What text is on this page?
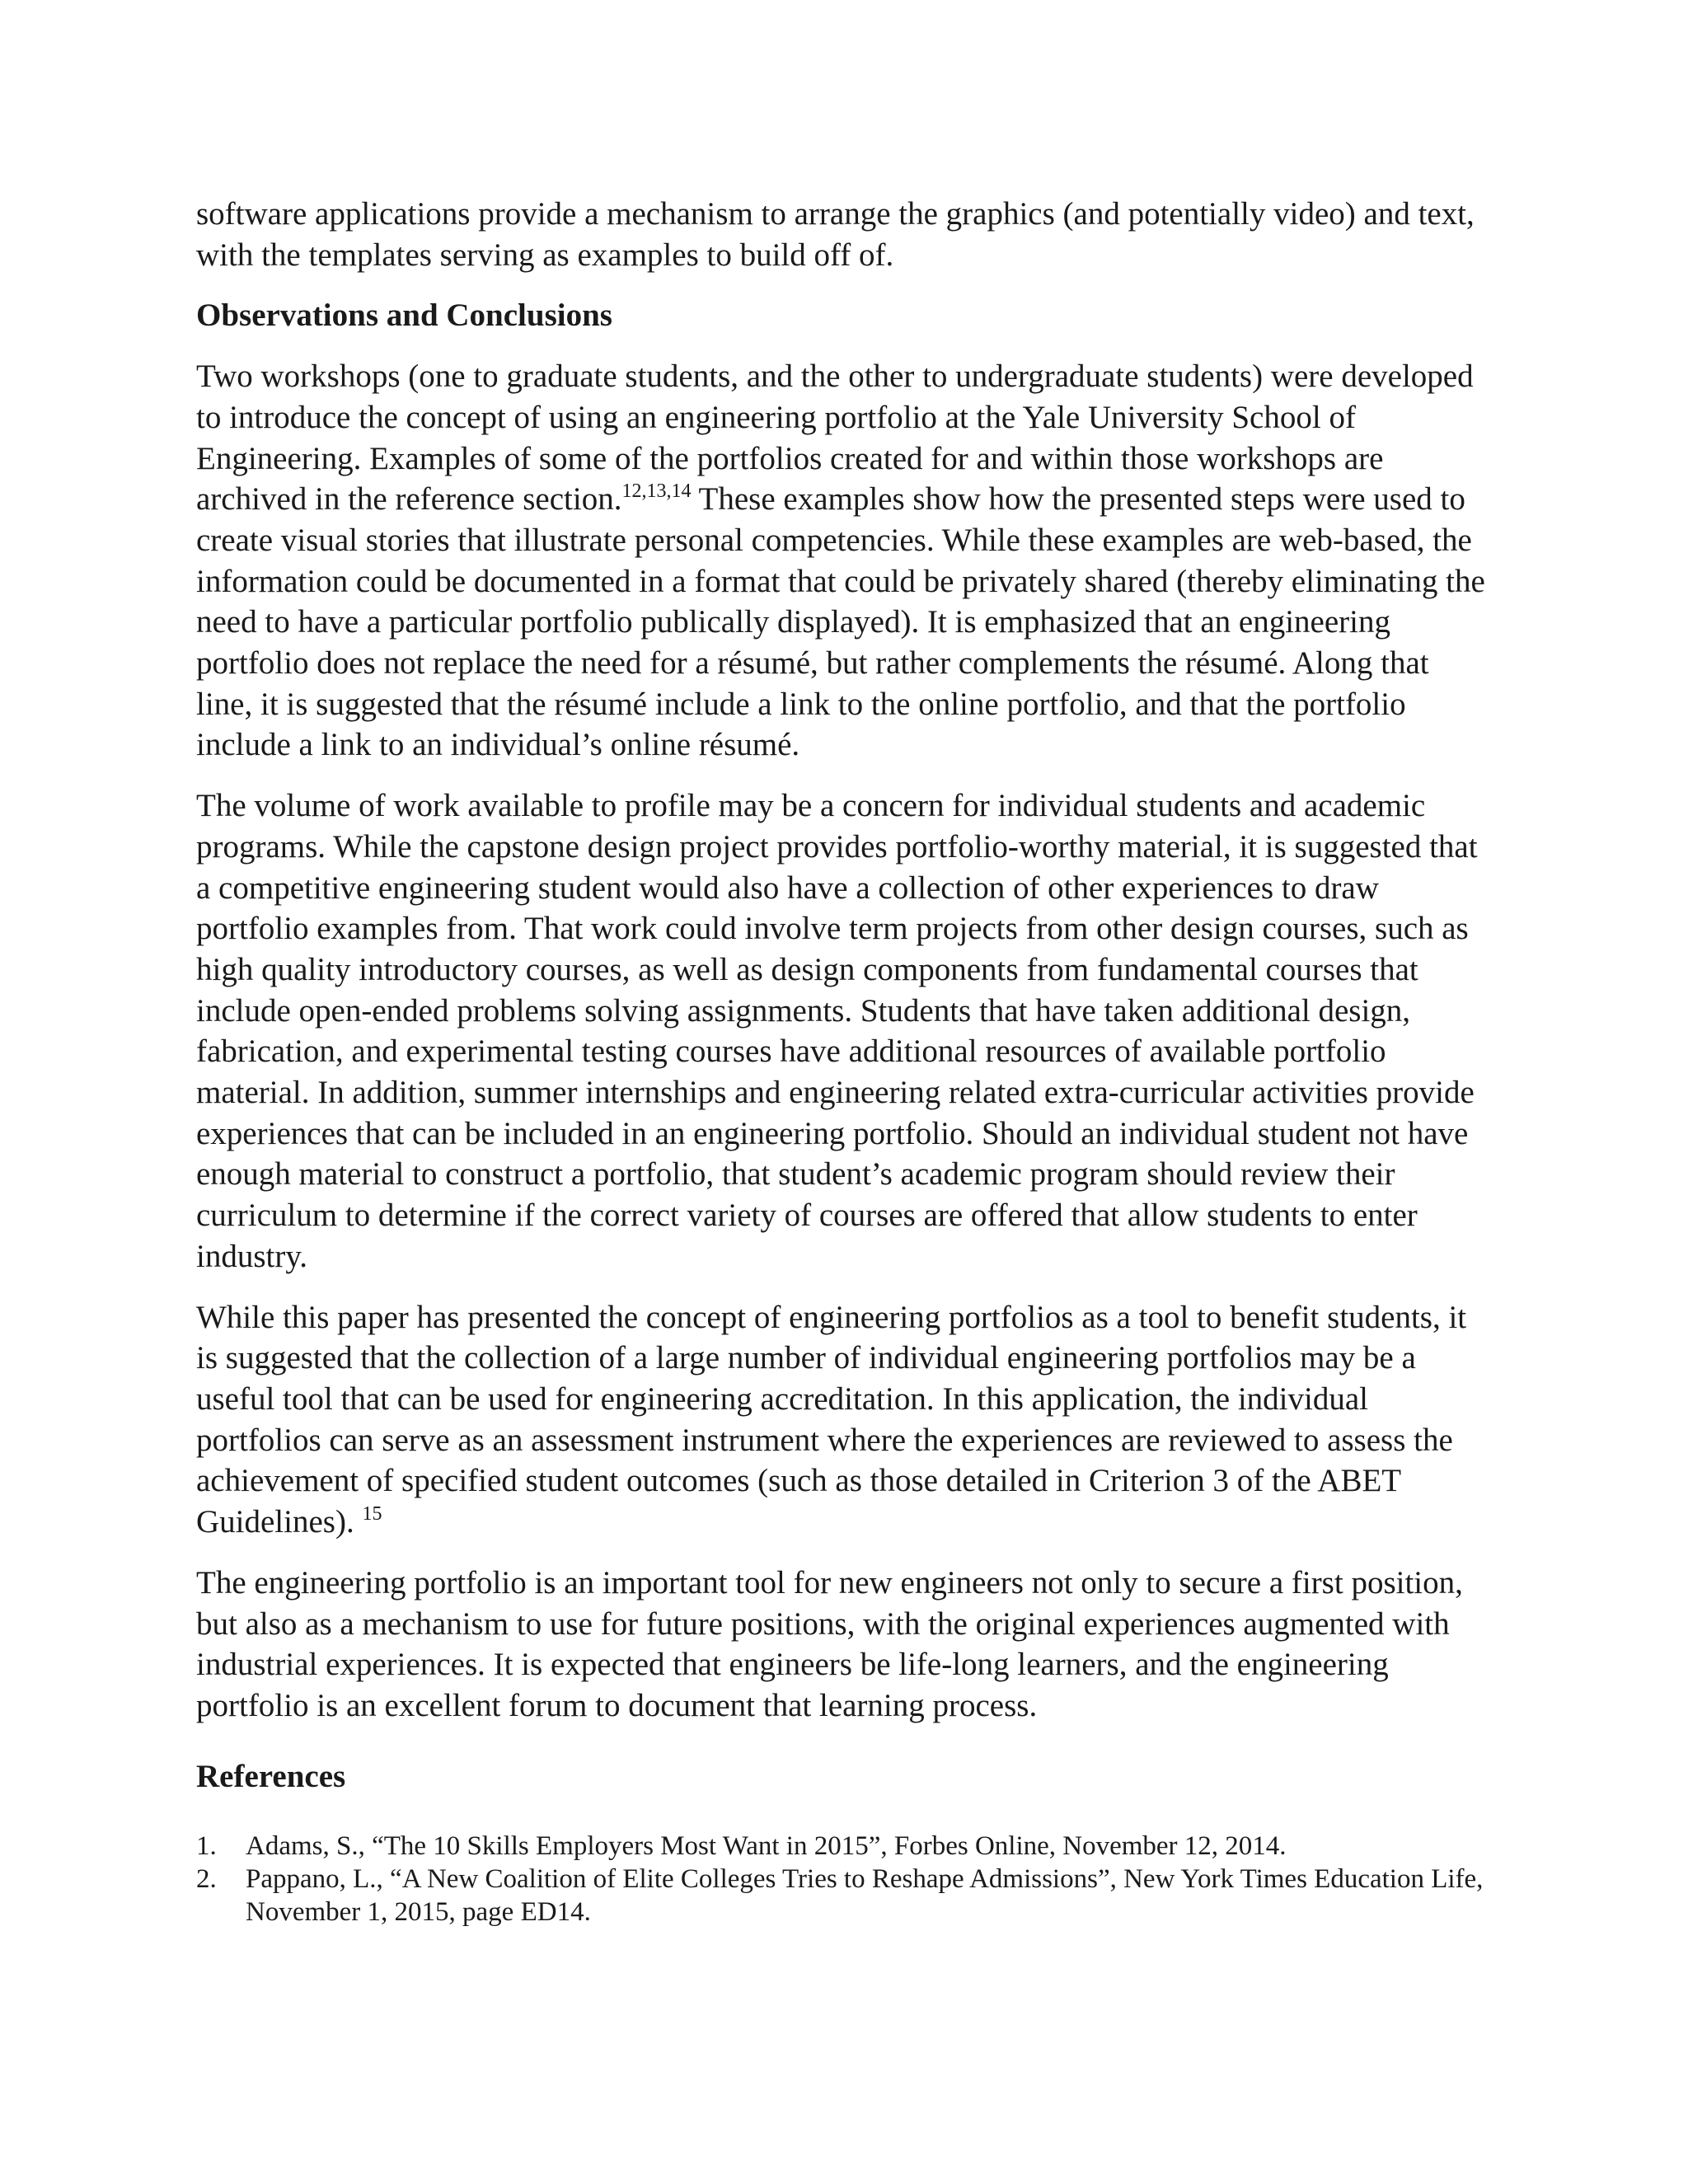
software applications provide a mechanism to arrange the graphics (and potentially video) and text, with the templates serving as examples to build off of.

Observations and Conclusions

Two workshops (one to graduate students, and the other to undergraduate students) were developed to introduce the concept of using an engineering portfolio at the Yale University School of Engineering. Examples of some of the portfolios created for and within those workshops are archived in the reference section.$^{12,13,14}$ These examples show how the presented steps were used to create visual stories that illustrate personal competencies. While these examples are web-based, the information could be documented in a format that could be privately shared (thereby eliminating the need to have a particular portfolio publically displayed). It is emphasized that an engineering portfolio does not replace the need for a résumé, but rather complements the résumé. Along that line, it is suggested that the résumé include a link to the online portfolio, and that the portfolio include a link to an individual’s online résumé.

The volume of work available to profile may be a concern for individual students and academic programs. While the capstone design project provides portfolio-worthy material, it is suggested that a competitive engineering student would also have a collection of other experiences to draw portfolio examples from. That work could involve term projects from other design courses, such as high quality introductory courses, as well as design components from fundamental courses that include open-ended problems solving assignments. Students that have taken additional design, fabrication, and experimental testing courses have additional resources of available portfolio material. In addition, summer internships and engineering related extra-curricular activities provide experiences that can be included in an engineering portfolio. Should an individual student not have enough material to construct a portfolio, that student’s academic program should review their curriculum to determine if the correct variety of courses are offered that allow students to enter industry.

While this paper has presented the concept of engineering portfolios as a tool to benefit students, it is suggested that the collection of a large number of individual engineering portfolios may be a useful tool that can be used for engineering accreditation. In this application, the individual portfolios can serve as an assessment instrument where the experiences are reviewed to assess the achievement of specified student outcomes (such as those detailed in Criterion 3 of the ABET Guidelines). $^{15}$

The engineering portfolio is an important tool for new engineers not only to secure a first position, but also as a mechanism to use for future positions, with the original experiences augmented with industrial experiences. It is expected that engineers be life-long learners, and the engineering portfolio is an excellent forum to document that learning process.

References
1. Adams, S., “The 10 Skills Employers Most Want in 2015”, Forbes Online, November 12, 2014.
2. Pappano, L., “A New Coalition of Elite Colleges Tries to Reshape Admissions”, New York Times Education Life, November 1, 2015, page ED14.
